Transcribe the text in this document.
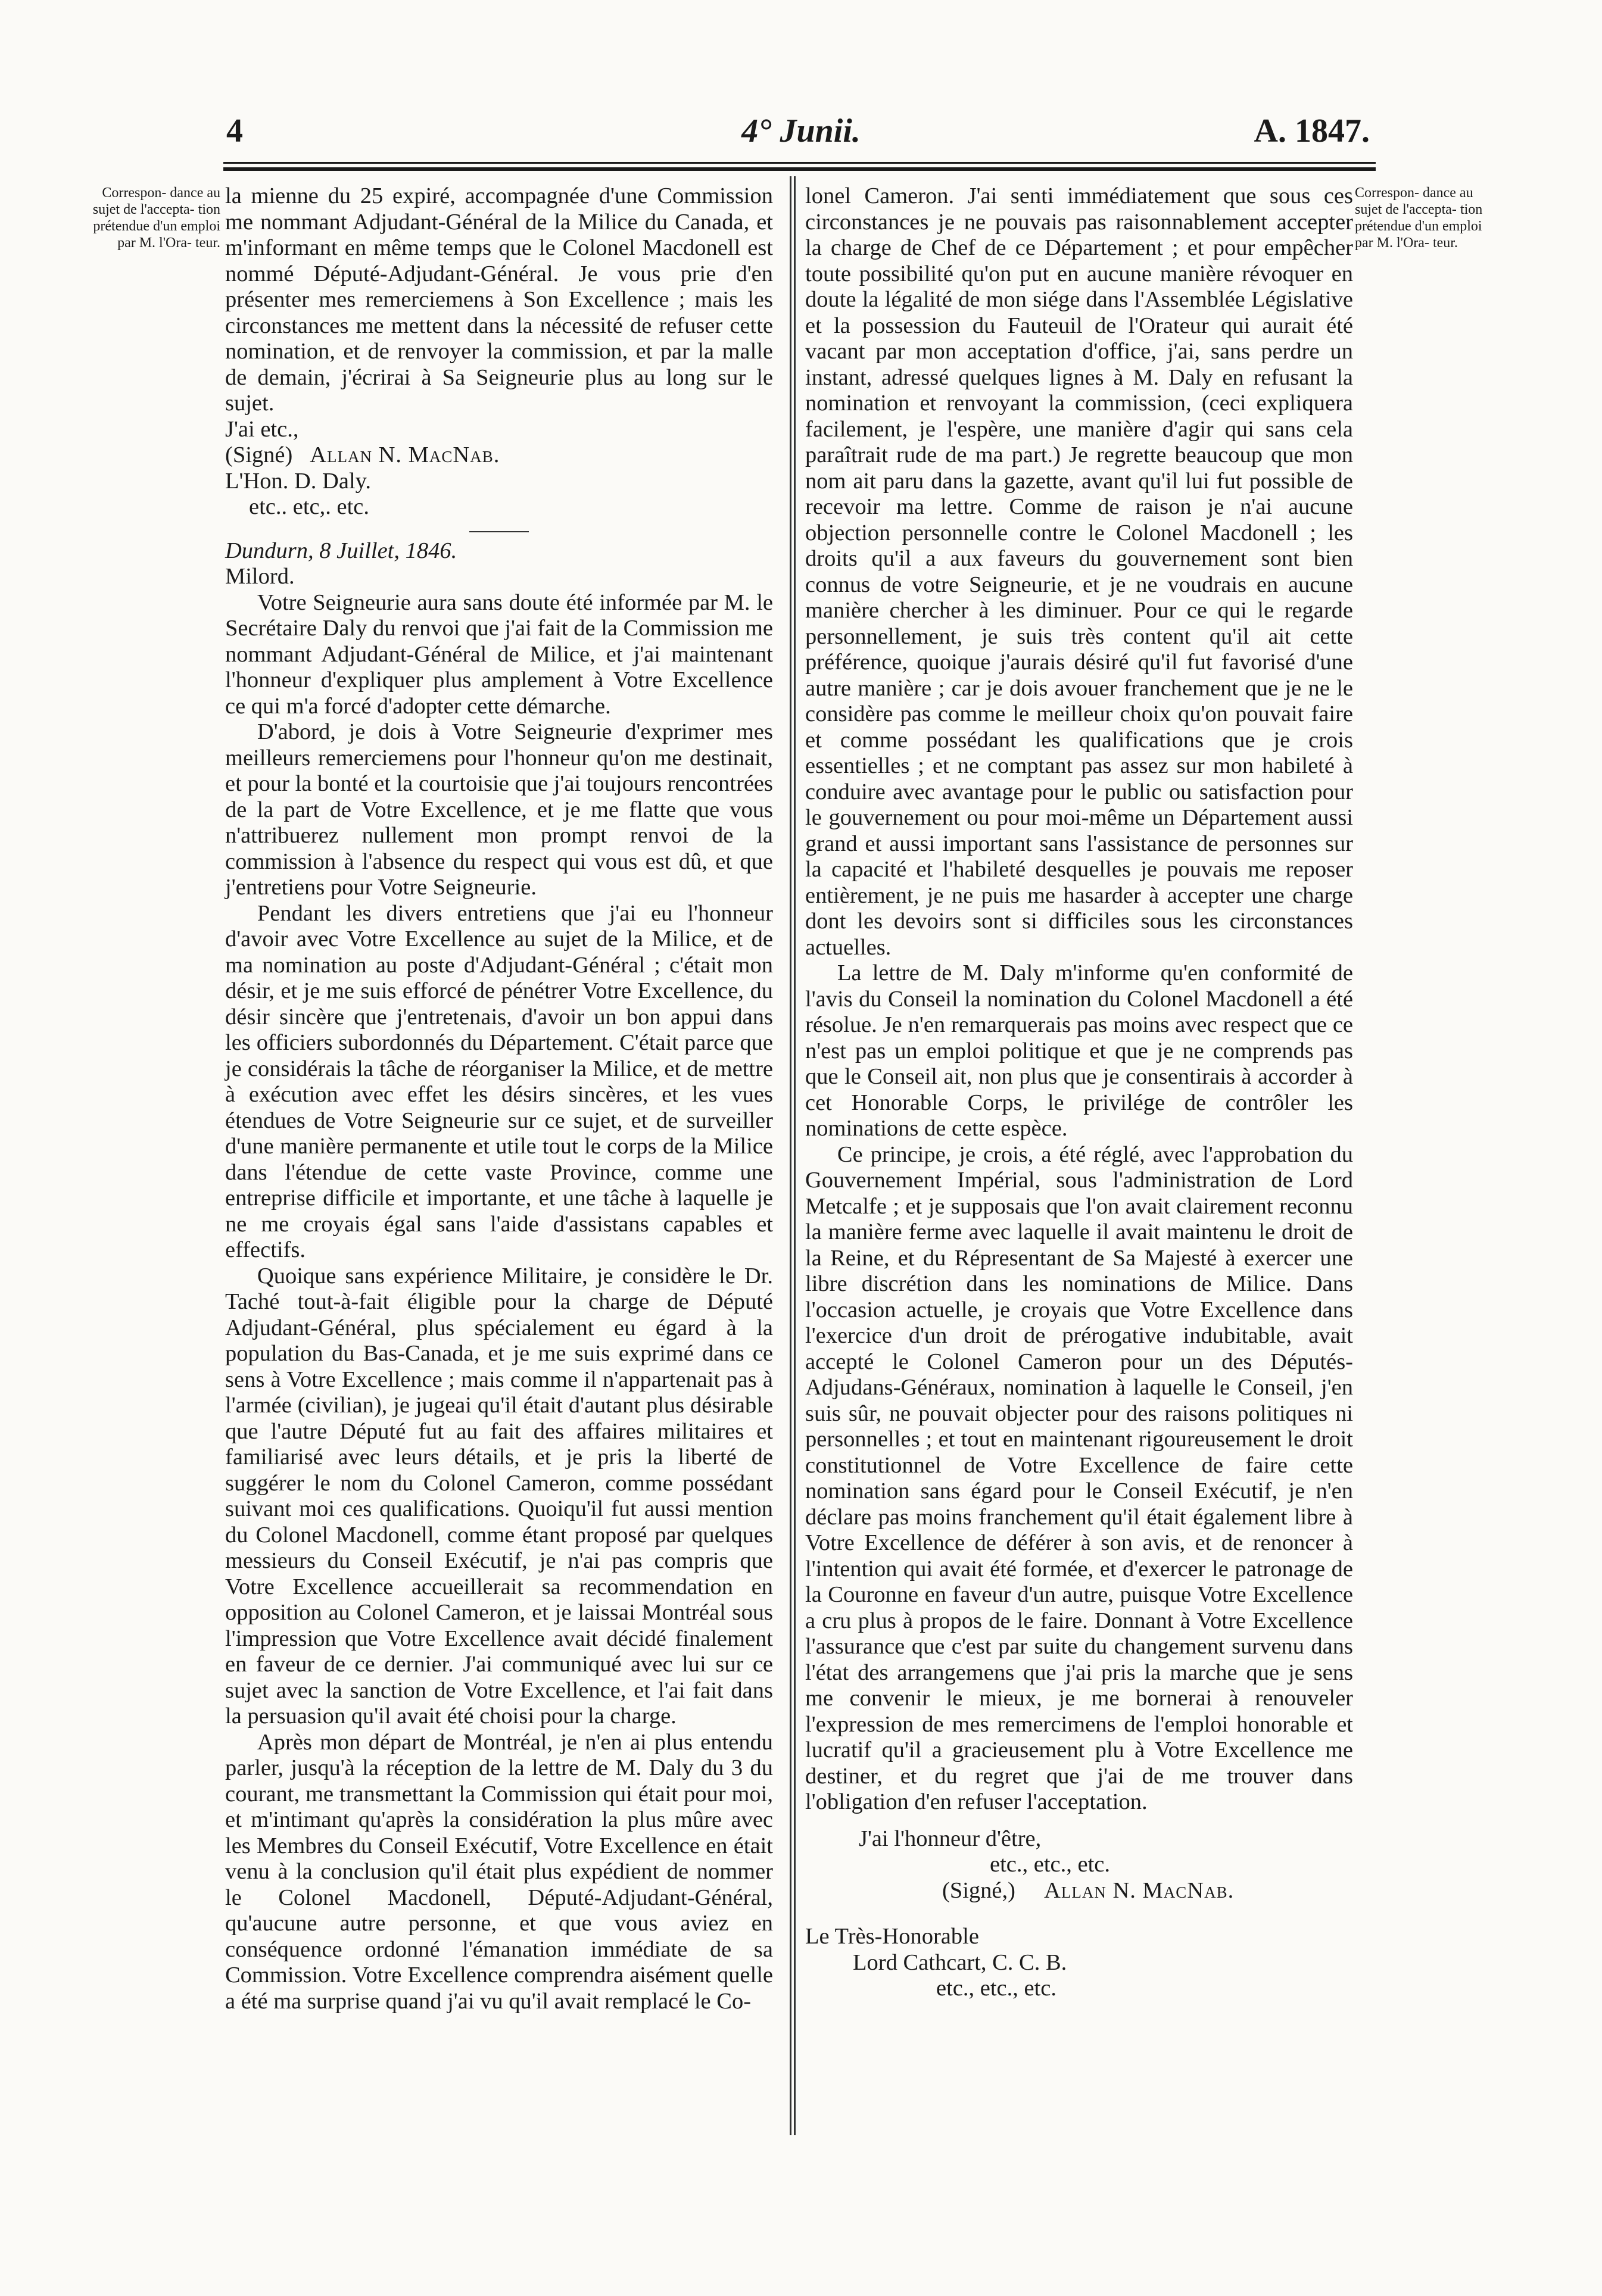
4	4° Junii.	A. 1847.
Correspon- dance au sujet de l'accepta- tion prétendue d'un emploi par M. l'Ora- teur.
Correspon- dance au sujet de l'accepta- tion prétendue d'un emploi par M. l'Ora- teur.

la mienne du 25 expiré, accompagnée d'une Commission me nommant Adjudant-Général de la Milice du Canada, et m'informant en même temps que le Colonel Macdonell est nommé Député-Adjudant-Général. Je vous prie d'en présenter mes remerciemens à Son Excellence ; mais les circonstances me mettent dans la nécessité de refuser cette nomination, et de renvoyer la commission, et par la malle de demain, j'écrirai à Sa Seigneurie plus au long sur le sujet.

J'ai etc.,

(Signé) Allan N. MacNab.

L'Hon. D. Daly.

etc.. etc,. etc.

Dundurn, 8 Juillet, 1846.

Milord.

Votre Seigneurie aura sans doute été informée par M. le Secrétaire Daly du renvoi que j'ai fait de la Commission me nommant Adjudant-Général de Milice, et j'ai maintenant l'honneur d'expliquer plus amplement à Votre Excellence ce qui m'a forcé d'adopter cette démarche.

D'abord, je dois à Votre Seigneurie d'exprimer mes meilleurs remerciemens pour l'honneur qu'on me destinait, et pour la bonté et la courtoisie que j'ai toujours rencontrées de la part de Votre Excellence, et je me flatte que vous n'attribuerez nullement mon prompt renvoi de la commission à l'absence du respect qui vous est dû, et que j'entretiens pour Votre Seigneurie.

Pendant les divers entretiens que j'ai eu l'honneur d'avoir avec Votre Excellence au sujet de la Milice, et de ma nomination au poste d'Adjudant-Général ; c'était mon désir, et je me suis efforcé de pénétrer Votre Excellence, du désir sincère que j'entretenais, d'avoir un bon appui dans les officiers subordonnés du Département. C'était parce que je considérais la tâche de réorganiser la Milice, et de mettre à exécution avec effet les désirs sincères, et les vues étendues de Votre Seigneurie sur ce sujet, et de surveiller d'une manière permanente et utile tout le corps de la Milice dans l'étendue de cette vaste Province, comme une entreprise difficile et importante, et une tâche à laquelle je ne me croyais égal sans l'aide d'assistans capables et effectifs.

Quoique sans expérience Militaire, je considère le Dr. Taché tout-à-fait éligible pour la charge de Député Adjudant-Général, plus spécialement eu égard à la population du Bas-Canada, et je me suis exprimé dans ce sens à Votre Excellence ; mais comme il n'appartenait pas à l'armée (civilian), je jugeai qu'il était d'autant plus désirable que l'autre Député fut au fait des affaires militaires et familiarisé avec leurs détails, et je pris la liberté de suggérer le nom du Colonel Cameron, comme possédant suivant moi ces qualifications. Quoiqu'il fut aussi mention du Colonel Macdonell, comme étant proposé par quelques messieurs du Conseil Exécutif, je n'ai pas compris que Votre Excellence accueillerait sa recommendation en opposition au Colonel Cameron, et je laissai Montréal sous l'impression que Votre Excellence avait décidé finalement en faveur de ce dernier. J'ai communiqué avec lui sur ce sujet avec la sanction de Votre Excellence, et l'ai fait dans la persuasion qu'il avait été choisi pour la charge.

Après mon départ de Montréal, je n'en ai plus entendu parler, jusqu'à la réception de la lettre de M. Daly du 3 du courant, me transmettant la Commission qui était pour moi, et m'intimant qu'après la considération la plus mûre avec les Membres du Conseil Exécutif, Votre Excellence en était venu à la conclusion qu'il était plus expédient de nommer le Colonel Macdonell, Député-Adjudant-Général, qu'aucune autre personne, et que vous aviez en conséquence ordonné l'émanation immédiate de sa Commission. Votre Excellence comprendra aisément quelle a été ma surprise quand j'ai vu qu'il avait remplacé le Co-

lonel Cameron. J'ai senti immédiatement que sous ces circonstances je ne pouvais pas raisonnablement accepter la charge de Chef de ce Département ; et pour empêcher toute possibilité qu'on put en aucune manière révoquer en doute la légalité de mon siége dans l'Assemblée Législative et la possession du Fauteuil de l'Orateur qui aurait été vacant par mon acceptation d'office, j'ai, sans perdre un instant, adressé quelques lignes à M. Daly en refusant la nomination et renvoyant la commission, (ceci expliquera facilement, je l'espère, une manière d'agir qui sans cela paraîtrait rude de ma part.) Je regrette beaucoup que mon nom ait paru dans la gazette, avant qu'il lui fut possible de recevoir ma lettre. Comme de raison je n'ai aucune objection personnelle contre le Colonel Macdonell ; les droits qu'il a aux faveurs du gouvernement sont bien connus de votre Seigneurie, et je ne voudrais en aucune manière chercher à les diminuer. Pour ce qui le regarde personnellement, je suis très content qu'il ait cette préférence, quoique j'aurais désiré qu'il fut favorisé d'une autre manière ; car je dois avouer franchement que je ne le considère pas comme le meilleur choix qu'on pouvait faire et comme possédant les qualifications que je crois essentielles ; et ne comptant pas assez sur mon habileté à conduire avec avantage pour le public ou satisfaction pour le gouvernement ou pour moi-même un Département aussi grand et aussi important sans l'assistance de personnes sur la capacité et l'habileté desquelles je pouvais me reposer entièrement, je ne puis me hasarder à accepter une charge dont les devoirs sont si difficiles sous les circonstances actuelles.

La lettre de M. Daly m'informe qu'en conformité de l'avis du Conseil la nomination du Colonel Macdonell a été résolue. Je n'en remarquerais pas moins avec respect que ce n'est pas un emploi politique et que je ne comprends pas que le Conseil ait, non plus que je consentirais à accorder à cet Honorable Corps, le privilége de contrôler les nominations de cette espèce.

Ce principe, je crois, a été réglé, avec l'approbation du Gouvernement Impérial, sous l'administration de Lord Metcalfe ; et je supposais que l'on avait clairement reconnu la manière ferme avec laquelle il avait maintenu le droit de la Reine, et du Répresentant de Sa Majesté à exercer une libre discrétion dans les nominations de Milice. Dans l'occasion actuelle, je croyais que Votre Excellence dans l'exercice d'un droit de prérogative indubitable, avait accepté le Colonel Cameron pour un des Députés-Adjudans-Généraux, nomination à laquelle le Conseil, j'en suis sûr, ne pouvait objecter pour des raisons politiques ni personnelles ; et tout en maintenant rigoureusement le droit constitutionnel de Votre Excellence de faire cette nomination sans égard pour le Conseil Exécutif, je n'en déclare pas moins franchement qu'il était également libre à Votre Excellence de déférer à son avis, et de renoncer à l'intention qui avait été formée, et d'exercer le patronage de la Couronne en faveur d'un autre, puisque Votre Excellence a cru plus à propos de le faire. Donnant à Votre Excellence l'assurance que c'est par suite du changement survenu dans l'état des arrangemens que j'ai pris la marche que je sens me convenir le mieux, je me bornerai à renouveler l'expression de mes remercimens de l'emploi honorable et lucratif qu'il a gracieusement plu à Votre Excellence me destiner, et du regret que j'ai de me trouver dans l'obligation d'en refuser l'acceptation.

J'ai l'honneur d'être,

etc., etc., etc.

(Signé,) Allan N. MacNab.

Le Très-Honorable

Lord Cathcart, C. C. B.

etc., etc., etc.
